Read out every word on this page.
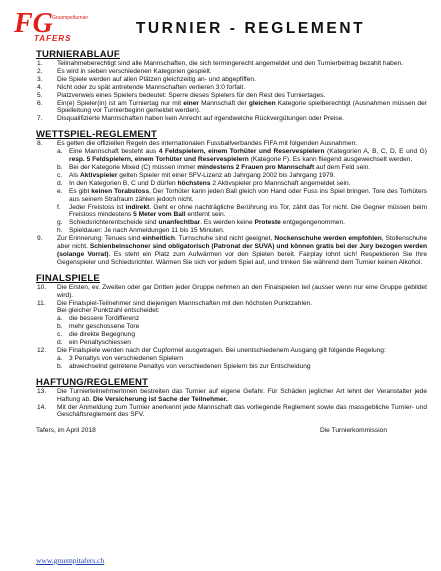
FG Gruempelturnier
TAFERS
TURNIER - REGLEMENT
TURNIERABLAUF
1.	Teilnahmeberechtigt sind alle Mannschaften, die sich termingerecht angemeldet und den Turnierbeitrag bezahlt haben.
2.	Es wird in sieben verschiedenen Kategorien gespielt.
3.	Die Spiele werden auf allen Plätzen gleichzeitig an- und abgepfiffen.
4.	Nicht oder zu spät antretende Mannschaften verlieren 3:0 forfait.
5.	Platzverweis eines Spielers bedeutet: Sperre dieses Spielers für den Rest des Turniertages.
6.	Ein(e) Spieler(in) ist am Turniertag nur mit einer Mannschaft der gleichen Kategorie spielberechtigt (Ausnahmen müssen der Spielleitung vor Turnierbeginn gemeldet werden).
7.	Disqualifizierte Mannschaften haben kein Anrecht auf irgendwelche Rückvergütungen oder Preise.
WETTSPIEL-REGLEMENT
8.	Es gelten die offiziellen Regeln des internationalen Fussballverbandes FIFA mit folgenden Ausnahmen:
a. Eine Mannschaft besteht aus 4 Feldspielern, einem Torhüter und Reservespielern (Kategorien A, B, C, D, E und G) resp. 5 Feldspielern, einem Torhüter und Reservespielern (Kategorie F). Es kann fliegend ausgewechselt werden.
b. Bei der Kategorie Mixed (C) müssen immer mindestens 2 Frauen pro Mannschaft auf dem Feld sein.
c.	Als Aktivspieler gelten Spieler mit einer SFV-Lizenz ab Jahrgang 2002 bis Jahrgang 1979.
d. In den Kategorien B, C und D dürfen höchstens 2 Aktivspieler pro Mannschaft angemeldet sein.
e. Es gibt keinen Torabstoss. Der Torhüter kann jeden Ball gleich von Hand oder Fuss ins Spiel bringen. Tore des Torhüters aus seinem Strafraum zählen jedoch nicht.
f.	Jeder Freistoss ist indirekt. Geht er ohne nachträgliche Berührung ins Tor, zählt das Tor nicht. Die Gegner müssen beim Freistoss mindestens 5 Meter vom Ball entfernt sein.
g. Schiedsrichterentscheide sind unanfechtbar. Es werden keine Proteste entgegengenommen.
h. Spieldauer: Je nach Anmeldungen 11 bis 15 Minuten.
9.	Zur Erinnerung: Tenues sind einheitlich. Turnschuhe sind nicht geeignet, Nockenschuhe werden empfohlen, Stollenschuhe aber nicht. Schienbeinschoner sind obligatorisch (Patronat der SUVA) und können gratis bei der Jury bezogen werden (solange Vorrat). Es steht ein Platz zum Aufwärmen vor den Spielen bereit. Fairplay lohnt sich! Respektieren Sie Ihre Gegenspieler und Schiedsrichter. Wärmen Sie sich vor jedem Spiel auf, und trinken Sie während dem Turnier keinen Alkohol.
FINALSPIELE
10.	Die Ersten, ev. Zweiten oder gar Dritten jeder Gruppe nehmen an den Finalspielen teil (ausser wenn nur eine Gruppe gebildet wird).
11.	Die Finalspiel-Teilnehmer sind diejenigen Mannschaften mit den höchsten Punktzahlen.
Bei gleicher Punktzahl entscheidet:
a. die bessere Tordifferenz
b. mehr geschossene Tore
c.	die direkte Begegnung
d. ein Penaltyschiessen
12.	Die Finalspiele werden nach der Cupformel ausgetragen. Bei unentschiedenem Ausgang gilt folgende Regelung:
a. 3 Penaltys von verschiedenen Spielern
b. abwechselnd getretene Penaltys von verschiedenen Spielern bis zur Entscheidung
HAFTUNG/REGLEMENT
13.	Die TurnierteilnehmerInnen bestreiten das Turnier auf eigene Gefahr. Für Schäden jeglicher Art lehnt der Veranstalter jede Haftung ab. Die Versicherung ist Sache der Teilnehmer.
14.	Mit der Anmeldung zum Turnier anerkennt jede Mannschaft das vorliegende Reglement sowie das massgebliche Turnier- und Geschäftsreglement des SFV.
Tafers, im April 2018	Die Turnierkommission
www.gruempitafers.ch
